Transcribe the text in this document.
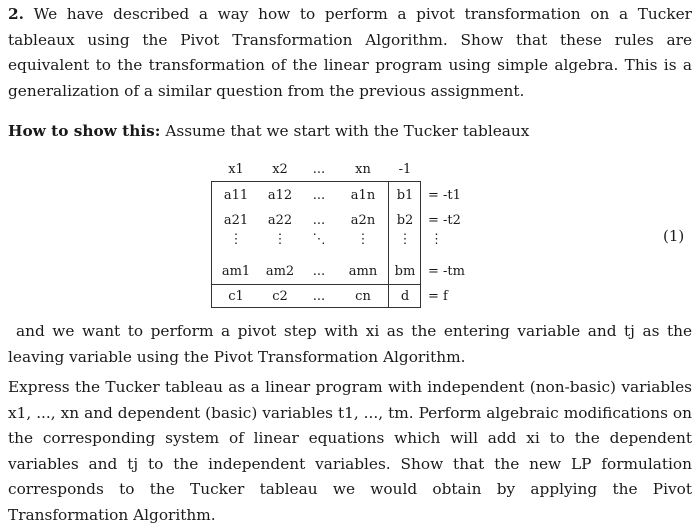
2. We have described a way how to perform a pivot transformation on a Tucker tableaux using the Pivot Transformation Algorithm. Show that these rules are equivalent to the transformation of the linear program using simple algebra. This is a generalization of a similar question from the previous assignment.
How to show this: Assume that we start with the Tucker tableaux
x1	x2	...	xn	-1
a11	a12	...	a1n	b1	= -t1
a21	a22	...	a2n	b2	= -t2
⋮	⋮	⋱	⋮	⋮	⋮
am1	am2	...	amn	bm = -tm
c1	c2	...	cn	d	= f
(1)
and we want to perform a pivot step with xi as the entering variable and tj as the leaving variable using the Pivot Transformation Algorithm.
Express the Tucker tableau as a linear program with independent (non-basic) variables x1, ..., xn and dependent (basic) variables t1, ..., tm. Perform algebraic modifications on the corresponding system of linear equations which will add xi to the dependent variables and tj to the independent variables. Show that the new LP formulation corresponds to the Tucker tableau we would obtain by applying the Pivot Transformation Algorithm.
